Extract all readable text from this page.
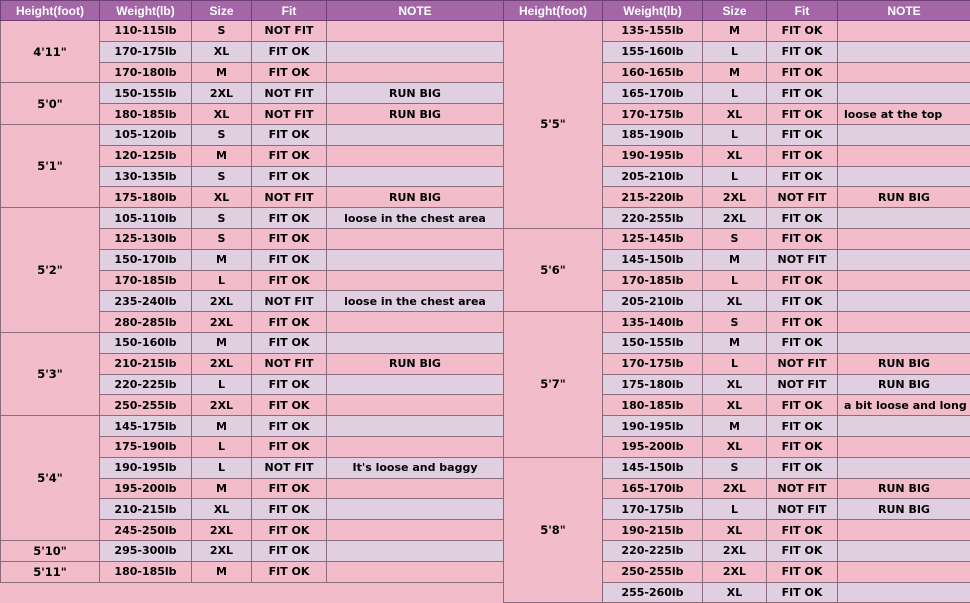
Height(foot)	Weight(lb)	Size	Fit	NOTE
4'11"	110-115lb	S	NOT FIT	
	170-175lb	XL	FIT OK	
	170-180lb	M	FIT OK	
5'0"	150-155lb	2XL	NOT FIT	RUN BIG
	180-185lb	XL	NOT FIT	RUN BIG
5'1"	105-120lb	S	FIT OK	
	120-125lb	M	FIT OK	
	130-135lb	S	FIT OK	
	175-180lb	XL	NOT FIT	RUN BIG
5'2"	105-110lb	S	FIT OK	loose in the chest area
	125-130lb	S	FIT OK	
	150-170lb	M	FIT OK	
	170-185lb	L	FIT OK	
	235-240lb	2XL	NOT FIT	loose in the chest area
	280-285lb	2XL	FIT OK	
5'3"	150-160lb	M	FIT OK	
	210-215lb	2XL	NOT FIT	RUN BIG
	220-225lb	L	FIT OK	
	250-255lb	2XL	FIT OK	
5'4"	145-175lb	M	FIT OK	
	175-190lb	L	FIT OK	
	190-195lb	L	NOT FIT	It's loose and baggy
	195-200lb	M	FIT OK	
	210-215lb	XL	FIT OK	
	245-250lb	2XL	FIT OK	
5'10"	295-300lb	2XL	FIT OK	
5'11"	180-185lb	M	FIT OK	
Height(foot)	Weight(lb)	Size	Fit	NOTE
5'5"	135-155lb	M	FIT OK	
	155-160lb	L	FIT OK	
	160-165lb	M	FIT OK	
	165-170lb	L	FIT OK	
	170-175lb	XL	FIT OK	loose at the top
	185-190lb	L	FIT OK	
	190-195lb	XL	FIT OK	
	205-210lb	L	FIT OK	
	215-220lb	2XL	NOT FIT	RUN BIG
	220-255lb	2XL	FIT OK	
5'6"	125-145lb	S	FIT OK	
	145-150lb	M	NOT FIT	
	170-185lb	L	FIT OK	
	205-210lb	XL	FIT OK	
5'7"	135-140lb	S	FIT OK	
	150-155lb	M	FIT OK	
	170-175lb	L	NOT FIT	RUN BIG
	175-180lb	XL	NOT FIT	RUN BIG
	180-185lb	XL	FIT OK	a bit loose and long
	190-195lb	M	FIT OK	
	195-200lb	XL	FIT OK	
5'8"	145-150lb	S	FIT OK	
	165-170lb	2XL	NOT FIT	RUN BIG
	170-175lb	L	NOT FIT	RUN BIG
	190-215lb	XL	FIT OK	
	220-225lb	2XL	FIT OK	
	250-255lb	2XL	FIT OK	
	255-260lb	XL	FIT OK	
